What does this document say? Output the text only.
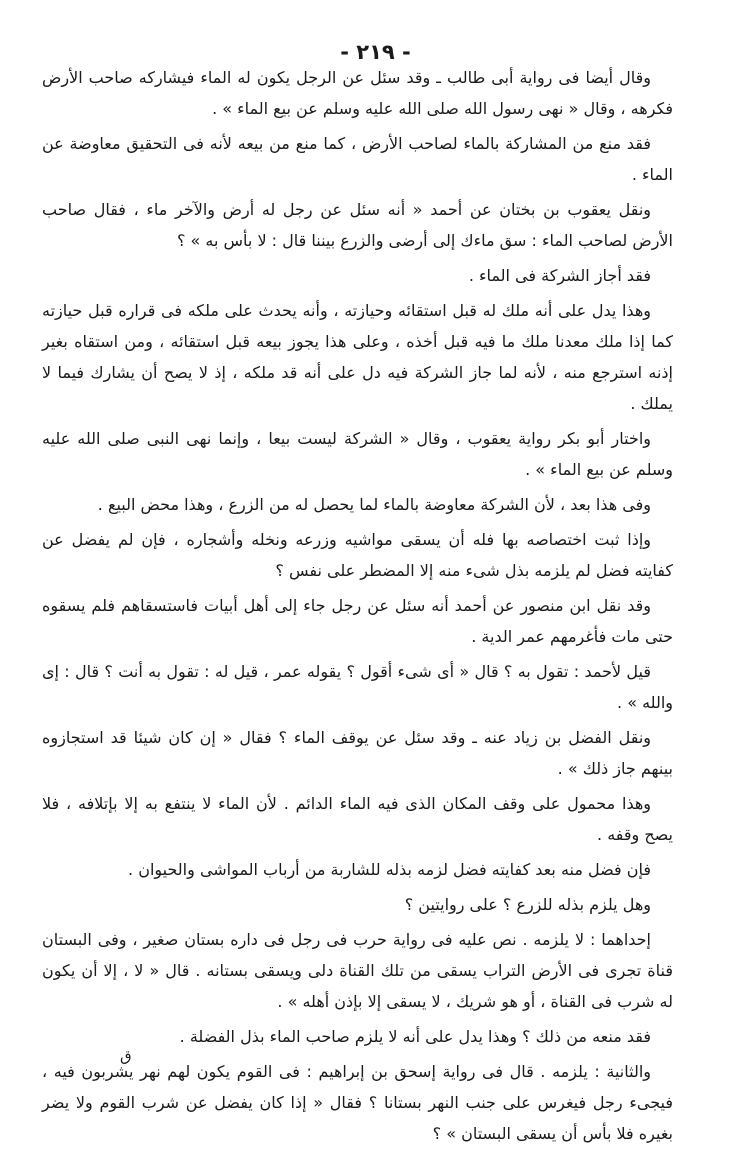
- ٢١٩ -

وقال أيضا فى رواية أبى طالب ـ وقد سئل عن الرجل يكون له الماء فيشاركه صاحب الأرض فكرهه ، وقال « نهى رسول الله صلى الله عليه وسلم عن بيع الماء » .

فقد منع من المشاركة بالماء لصاحب الأرض ، كما منع من بيعه لأنه فى التحقيق معاوضة عن الماء .

ونقل يعقوب بن بختان عن أحمد « أنه سئل عن رجل له أرض والآخر ماء ، فقال صاحب الأرض لصاحب الماء : سق ماءك إلى أرضى والزرع بيننا قال : لا بأس به » ؟

فقد أجاز الشركة فى الماء .

وهذا يدل على أنه ملك له قبل استقائه وحيازته ، وأنه يحدث على ملكه فى قراره قبل حيازته كما إذا ملك معدنا ملك ما فيه قبل أخذه ، وعلى هذا يجوز بيعه قبل استقائه ، ومن استقاه بغير إذنه استرجع منه ، لأنه لما جاز الشركة فيه دل على أنه قد ملكه ، إذ لا يصح أن يشارك فيما لا يملك .

واختار أبو بكر رواية يعقوب ، وقال « الشركة ليست بيعا ، وإنما نهى النبى صلى الله عليه وسلم عن بيع الماء » .

وفى هذا بعد ، لأن الشركة معاوضة بالماء لما يحصل له من الزرع ، وهذا محض البيع .

وإذا ثبت اختصاصه بها فله أن يسقى مواشيه وزرعه ونخله وأشجاره ، فإن لم يفضل عن كفايته فضل لم يلزمه بذل شىء منه إلا المضطر على نفس ؟

وقد نقل ابن منصور عن أحمد أنه سئل عن رجل جاء إلى أهل أبيات فاستسقاهم فلم يسقوه حتى مات فأغرمهم عمر الدية .

قيل لأحمد : تقول به ؟ قال « أى شىء أقول ؟ يقوله عمر ، قيل له : تقول به أنت ؟ قال : إى والله » .

ونقل الفضل بن زياد عنه ـ وقد سئل عن يوقف الماء ؟ فقال « إن كان شيئا قد استجازوه بينهم جاز ذلك » .

وهذا محمول على وقف المكان الذى فيه الماء الدائم . لأن الماء لا ينتفع به إلا بإتلافه ، فلا يصح وقفه .

فإن فضل منه بعد كفايته فضل لزمه بذله للشاربة من أرباب المواشى والحيوان .

وهل يلزم بذله للزرع ؟ على روايتين ؟

إحداهما : لا يلزمه . نص عليه فى رواية حرب فى رجل فى داره بستان صغير ، وفى البستان قناة تجرى فى الأرض التراب يسقى من تلك القناة دلى ويسقى بستانه . قال « لا ، إلا أن يكون له شرب فى القناة ، أو هو شريك ، لا يسقى إلا بإذن أهله » .

فقد منعه من ذلك ؟ وهذا يدل على أنه لا يلزم صاحب الماء بذل الفضلة .

والثانية : يلزمه . قال فى رواية إسحق بن إبراهيم : فى القوم يكون لهم نهر يشربون فيه ، فيجىء رجل فيغرس على جنب النهر بستانا ؟ فقال « إذا كان يفضل عن شرب القوم ولا يضر بغيره فلا بأس أن يسقى البستان » ؟

ق
